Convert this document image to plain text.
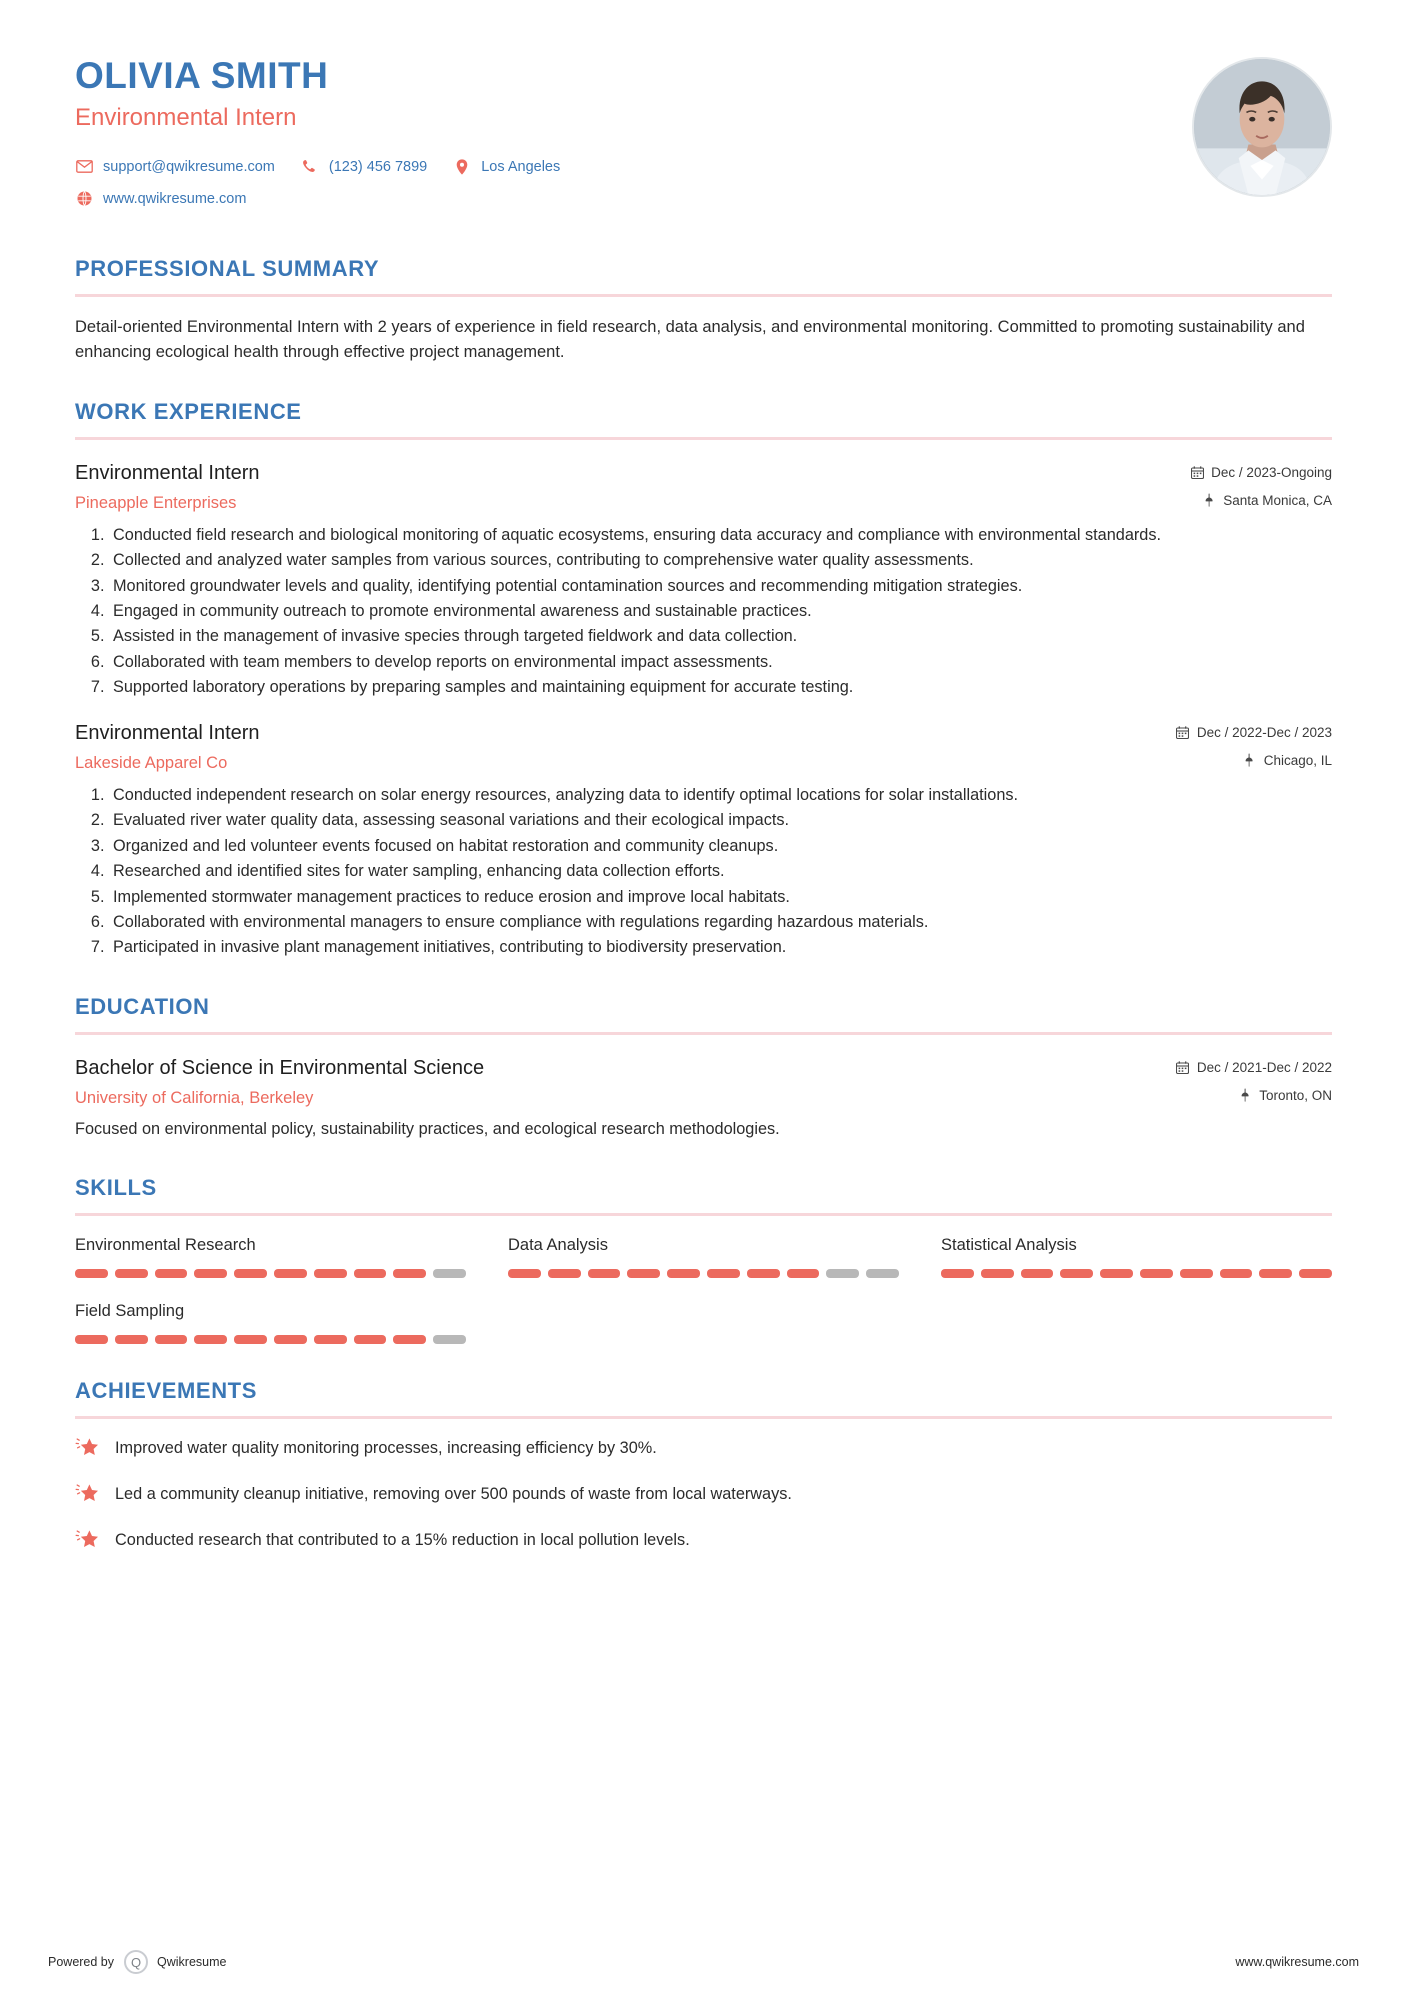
OLIVIA SMITH
Environmental Intern
support@qwikresume.com	(123) 456 7899	Los Angeles
www.qwikresume.com
PROFESSIONAL SUMMARY
Detail-oriented Environmental Intern with 2 years of experience in field research, data analysis, and environmental monitoring. Committed to promoting sustainability and enhancing ecological health through effective project management.
WORK EXPERIENCE
Environmental Intern
Pineapple Enterprises
Dec / 2023-Ongoing
Santa Monica, CA
1. Conducted field research and biological monitoring of aquatic ecosystems, ensuring data accuracy and compliance with environmental standards.
2. Collected and analyzed water samples from various sources, contributing to comprehensive water quality assessments.
3. Monitored groundwater levels and quality, identifying potential contamination sources and recommending mitigation strategies.
4. Engaged in community outreach to promote environmental awareness and sustainable practices.
5. Assisted in the management of invasive species through targeted fieldwork and data collection.
6. Collaborated with team members to develop reports on environmental impact assessments.
7. Supported laboratory operations by preparing samples and maintaining equipment for accurate testing.
Environmental Intern
Lakeside Apparel Co
Dec / 2022-Dec / 2023
Chicago, IL
1. Conducted independent research on solar energy resources, analyzing data to identify optimal locations for solar installations.
2. Evaluated river water quality data, assessing seasonal variations and their ecological impacts.
3. Organized and led volunteer events focused on habitat restoration and community cleanups.
4. Researched and identified sites for water sampling, enhancing data collection efforts.
5. Implemented stormwater management practices to reduce erosion and improve local habitats.
6. Collaborated with environmental managers to ensure compliance with regulations regarding hazardous materials.
7. Participated in invasive plant management initiatives, contributing to biodiversity preservation.
EDUCATION
Bachelor of Science in Environmental Science
University of California, Berkeley
Dec / 2021-Dec / 2022
Toronto, ON
Focused on environmental policy, sustainability practices, and ecological research methodologies.
SKILLS
Environmental Research	Data Analysis	Statistical Analysis
Field Sampling
ACHIEVEMENTS
Improved water quality monitoring processes, increasing efficiency by 30%.
Led a community cleanup initiative, removing over 500 pounds of waste from local waterways.
Conducted research that contributed to a 15% reduction in local pollution levels.
Powered by	Q	Qwikresume	www.qwikresume.com
